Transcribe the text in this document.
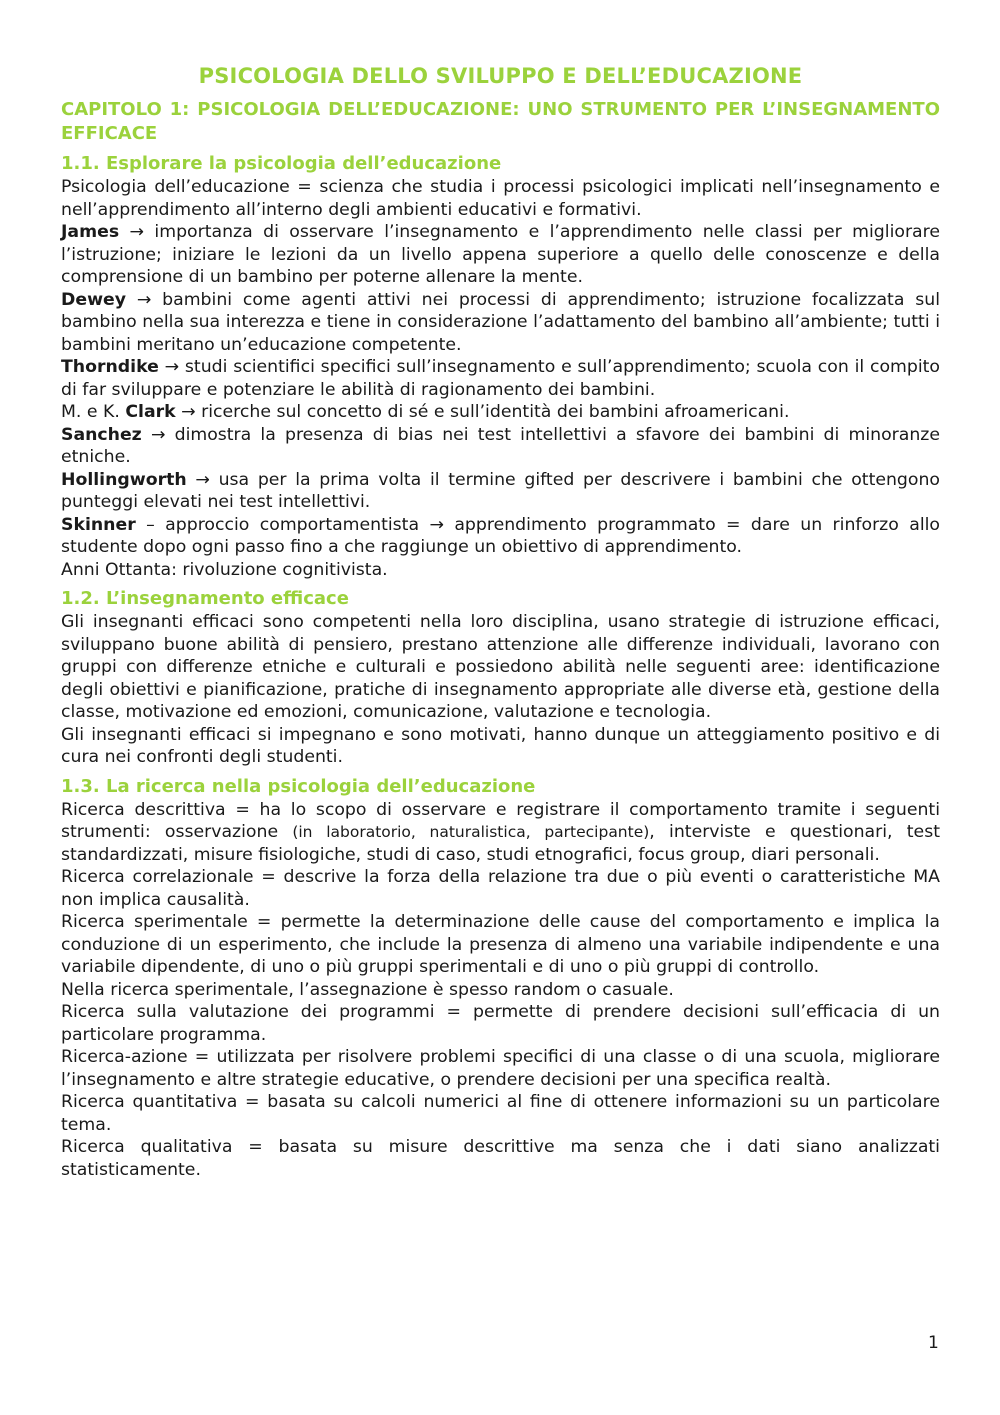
PSICOLOGIA DELLO SVILUPPO E DELL’EDUCAZIONE
CAPITOLO 1: PSICOLOGIA DELL’EDUCAZIONE: UNO STRUMENTO PER L’INSEGNAMENTO EFFICACE
1.1. Esplorare la psicologia dell’educazione

Psicologia dell’educazione = scienza che studia i processi psicologici implicati nell’insegnamento e nell’apprendimento all’interno degli ambienti educativi e formativi.

James → importanza di osservare l’insegnamento e l’apprendimento nelle classi per migliorare l’istruzione; iniziare le lezioni da un livello appena superiore a quello delle conoscenze e della comprensione di un bambino per poterne allenare la mente.

Dewey → bambini come agenti attivi nei processi di apprendimento; istruzione focalizzata sul bambino nella sua interezza e tiene in considerazione l’adattamento del bambino all’ambiente; tutti i bambini meritano un’educazione competente.

Thorndike → studi scientifici specifici sull’insegnamento e sull’apprendimento; scuola con il compito di far sviluppare e potenziare le abilità di ragionamento dei bambini.

M. e K. Clark → ricerche sul concetto di sé e sull’identità dei bambini afroamericani.

Sanchez → dimostra la presenza di bias nei test intellettivi a sfavore dei bambini di minoranze etniche.

Hollingworth → usa per la prima volta il termine gifted per descrivere i bambini che ottengono punteggi elevati nei test intellettivi.

Skinner – approccio comportamentista → apprendimento programmato = dare un rinforzo allo studente dopo ogni passo fino a che raggiunge un obiettivo di apprendimento.

Anni Ottanta: rivoluzione cognitivista.

1.2. L’insegnamento efficace

Gli insegnanti efficaci sono competenti nella loro disciplina, usano strategie di istruzione efficaci, sviluppano buone abilità di pensiero, prestano attenzione alle differenze individuali, lavorano con gruppi con differenze etniche e culturali e possiedono abilità nelle seguenti aree: identificazione degli obiettivi e pianificazione, pratiche di insegnamento appropriate alle diverse età, gestione della classe, motivazione ed emozioni, comunicazione, valutazione e tecnologia.

Gli insegnanti efficaci si impegnano e sono motivati, hanno dunque un atteggiamento positivo e di cura nei confronti degli studenti.

1.3. La ricerca nella psicologia dell’educazione

Ricerca descrittiva = ha lo scopo di osservare e registrare il comportamento tramite i seguenti strumenti: osservazione (in laboratorio, naturalistica, partecipante), interviste e questionari, test standardizzati, misure fisiologiche, studi di caso, studi etnografici, focus group, diari personali.

Ricerca correlazionale = descrive la forza della relazione tra due o più eventi o caratteristiche MA non implica causalità.

Ricerca sperimentale = permette la determinazione delle cause del comportamento e implica la conduzione di un esperimento, che include la presenza di almeno una variabile indipendente e una variabile dipendente, di uno o più gruppi sperimentali e di uno o più gruppi di controllo.

Nella ricerca sperimentale, l’assegnazione è spesso random o casuale.

Ricerca sulla valutazione dei programmi = permette di prendere decisioni sull’efficacia di un particolare programma.

Ricerca-azione = utilizzata per risolvere problemi specifici di una classe o di una scuola, migliorare l’insegnamento e altre strategie educative, o prendere decisioni per una specifica realtà.

Ricerca quantitativa = basata su calcoli numerici al fine di ottenere informazioni su un particolare tema.

Ricerca qualitativa = basata su misure descrittive ma senza che i dati siano analizzati statisticamente.

1
